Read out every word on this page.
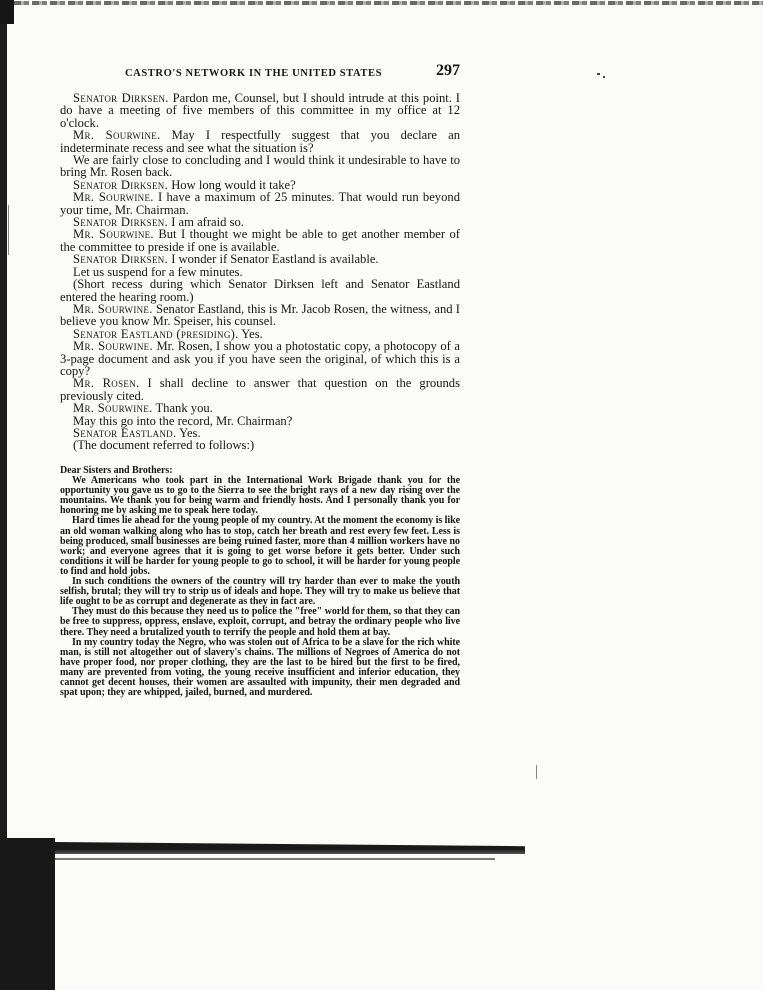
CASTRO'S NETWORK IN THE UNITED STATES	297

Senator Dirksen. Pardon me, Counsel, but I should intrude at this point. I do have a meeting of five members of this committee in my office at 12 o'clock.

Mr. Sourwine. May I respectfully suggest that you declare an indeterminate recess and see what the situation is?

We are fairly close to concluding and I would think it undesirable to have to bring Mr. Rosen back.

Senator Dirksen. How long would it take?

Mr. Sourwine. I have a maximum of 25 minutes. That would run beyond your time, Mr. Chairman.

Senator Dirksen. I am afraid so.

Mr. Sourwine. But I thought we might be able to get another member of the committee to preside if one is available.

Senator Dirksen. I wonder if Senator Eastland is available.

Let us suspend for a few minutes.

(Short recess during which Senator Dirksen left and Senator Eastland entered the hearing room.)

Mr. Sourwine. Senator Eastland, this is Mr. Jacob Rosen, the witness, and I believe you know Mr. Speiser, his counsel.

Senator Eastland (presiding). Yes.

Mr. Sourwine. Mr. Rosen, I show you a photostatic copy, a photocopy of a 3-page document and ask you if you have seen the original, of which this is a copy?

Mr. Rosen. I shall decline to answer that question on the grounds previously cited.

Mr. Sourwine. Thank you.

May this go into the record, Mr. Chairman?

Senator Eastland. Yes.

(The document referred to follows:)

Dear Sisters and Brothers:

We Americans who took part in the International Work Brigade thank you for the opportunity you gave us to go to the Sierra to see the bright rays of a new day rising over the mountains. We thank you for being warm and friendly hosts. And I personally thank you for honoring me by asking me to speak here today.

Hard times lie ahead for the young people of my country. At the moment the economy is like an old woman walking along who has to stop, catch her breath and rest every few feet. Less is being produced, small businesses are being ruined faster, more than 4 million workers have no work; and everyone agrees that it is going to get worse before it gets better. Under such conditions it will be harder for young people to go to school, it will be harder for young people to find and hold jobs.

In such conditions the owners of the country will try harder than ever to make the youth selfish, brutal; they will try to strip us of ideals and hope. They will try to make us believe that life ought to be as corrupt and degenerate as they in fact are.

They must do this because they need us to police the "free" world for them, so that they can be free to suppress, oppress, enslave, exploit, corrupt, and betray the ordinary people who live there. They need a brutalized youth to terrify the people and hold them at bay.

In my country today the Negro, who was stolen out of Africa to be a slave for the rich white man, is still not altogether out of slavery's chains. The millions of Negroes of America do not have proper food, nor proper clothing, they are the last to be hired but the first to be fired, many are prevented from voting, the young receive insufficient and inferior education, they cannot get decent houses, their women are assaulted with impunity, their men degraded and spat upon; they are whipped, jailed, burned, and murdered.
